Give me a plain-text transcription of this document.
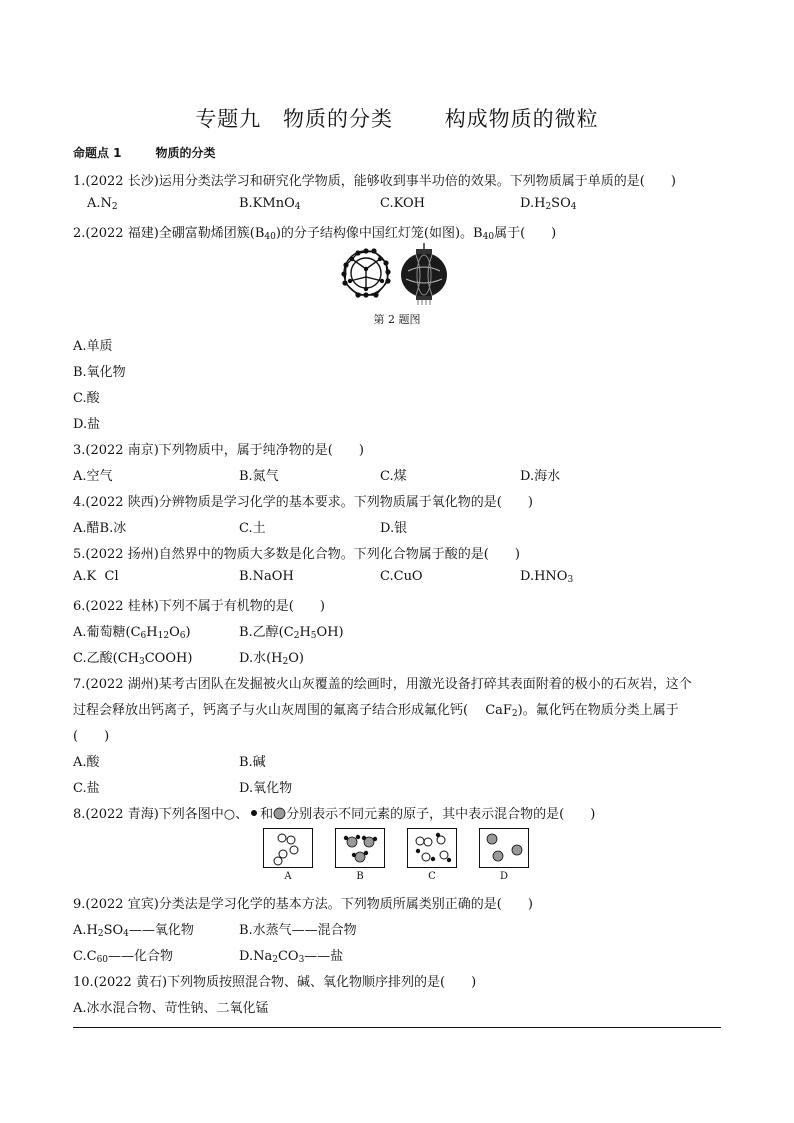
专题九 物质的分类 构成物质的微粒
命题点 1	物质的分类
1.(2022 长沙)运用分类法学习和研究化学物质，能够收到事半功倍的效果。下列物质属于单质的是(　　)
$A.N_2$	B.KMnO$_4$	C.KOH	$D.H_2SO_4$
2.(2022 福建)全硼富勒烯团簇$(B_{40})$的分子结构像中国红灯笼(如图)。$B_{40}$属于(　　)
第 2 题图
A.单质
B.氧化物
C.酸
D.盐
3.(2022 南京)下列物质中，属于纯净物的是(　　)
A.空气	B.氮气	C.煤	D.海水
4.(2022 陕西)分辨物质是学习化学的基本要求。下列物质属于氧化物的是(　　)
A.醋B.冰	C.土	D.银
5.(2022 扬州)自然界中的物质大多数是化合物。下列化合物属于酸的是(　　)
A.K  Cl	B.NaOH	C.CuO	$D.HNO_3$
6.(2022 桂林)下列不属于有机物的是(　　)
A.葡萄糖$(C_6H_{12}O_6)$	B.乙醇$(C_2H_5OH)$
C.乙酸$(CH_3COOH)$	D.水$(H_2O)$
7.(2022 湖州)某考古团队在发掘被火山灰覆盖的绘画时，用激光设备打碎其表面附着的极小的石灰岩，这个
过程会释放出钙离子，钙离子与火山灰周围的氟离子结合形成氟化钙(　 CaF$_2$)。氟化钙在物质分类上属于
(　　)
A.酸	B.碱
C.盐	D.氧化物
8.(2022 青海)下列各图中○、 和 分别表示不同元素的原子，其中表示混合物的是(　　)
A	B	C	D
9.(2022 宜宾)分类法是学习化学的基本方法。下列物质所属类别正确的是(　　)
$A.H_2SO_4——$氧化物	B.水蒸气——混合物
$C.C_{60}——$化合物	$D.Na_2CO_3——$盐
10.(2022 黄石)下列物质按照混合物、碱、氧化物顺序排列的是(　　)
A.冰水混合物、苛性钠、二氧化锰
